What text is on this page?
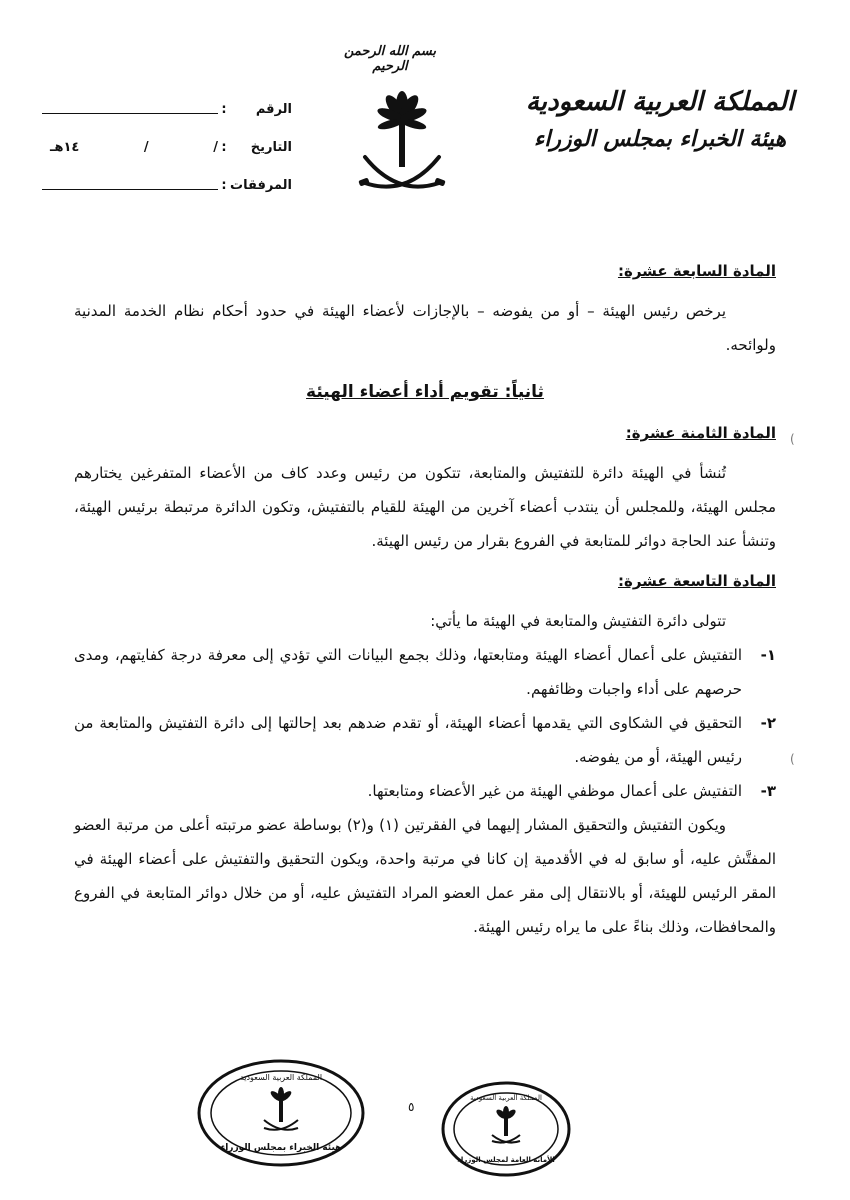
بسم الله الرحمن الرحيم
المملكة العربية السعودية
هيئة الخبراء بمجلس الوزراء
الرقم
:
التاريخ
:
/
/
١٤هـ
المرفقات
:

المادة السابعة عشرة:

يرخص رئيس الهيئة – أو من يفوضه – بالإجازات لأعضاء الهيئة في حدود أحكام نظام الخدمة المدنية ولوائحه.

ثانياً: تقويم أداء أعضاء الهيئة

المادة الثامنة عشرة:

تُنشأ في الهيئة دائرة للتفتيش والمتابعة، تتكون من رئيس وعدد كاف من الأعضاء المتفرغين يختارهم مجلس الهيئة، وللمجلس أن ينتدب أعضاء آخرين من الهيئة للقيام بالتفتيش، وتكون الدائرة مرتبطة برئيس الهيئة، وتنشأ عند الحاجة دوائر للمتابعة في الفروع بقرار من رئيس الهيئة.

المادة التاسعة عشرة:

تتولى دائرة التفتيش والمتابعة في الهيئة ما يأتي:

١-
التفتيش على أعمال أعضاء الهيئة ومتابعتها، وذلك بجمع البيانات التي تؤدي إلى معرفة درجة كفايتهم، ومدى حرصهم على أداء واجبات وظائفهم.
٢-
التحقيق في الشكاوى التي يقدمها أعضاء الهيئة، أو تقدم ضدهم بعد إحالتها إلى دائرة التفتيش والمتابعة من رئيس الهيئة، أو من يفوضه.
٣-
التفتيش على أعمال موظفي الهيئة من غير الأعضاء ومتابعتها.

ويكون التفتيش والتحقيق المشار إليهما في الفقرتين (١) و(٢) بوساطة عضو مرتبته أعلى من مرتبة العضو المفتَّش عليه، أو سابق له في الأقدمية إن كانا في مرتبة واحدة، ويكون التحقيق والتفتيش على أعضاء الهيئة في المقر الرئيس للهيئة، أو بالانتقال إلى مقر عمل العضو المراد التفتيش عليه، أو من خلال دوائر المتابعة في الفروع والمحافظات، وذلك بناءً على ما يراه رئيس الهيئة.

(
(
المملكة العربية السعودية
هيئة الخبراء بمجلس الوزراء
٥
المملكة العربية السعودية
الأمانة العامة لمجلس الوزراء
